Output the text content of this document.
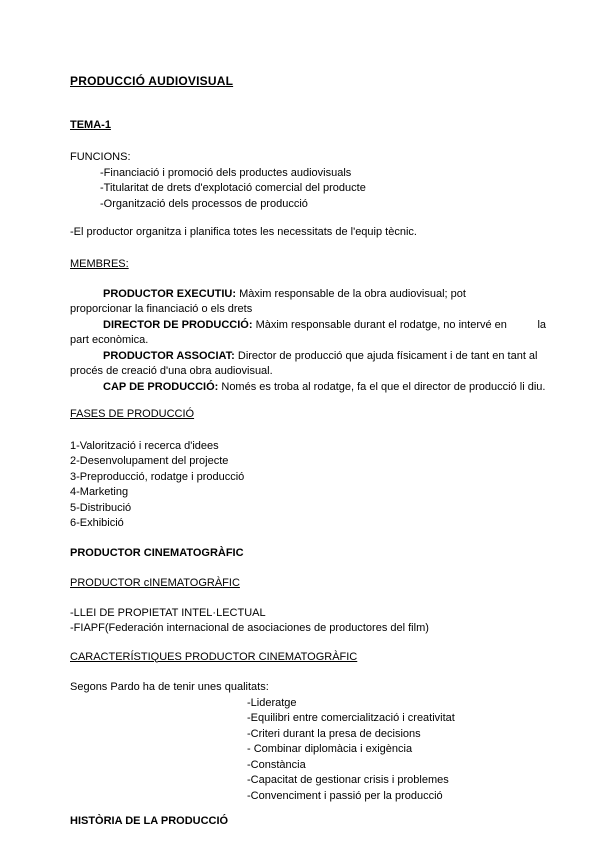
PRODUCCIÓ AUDIOVISUAL
TEMA-1
FUNCIONS:
-Financiació i promoció dels productes audiovisuals
-Titularitat de drets d'explotació comercial del producte
-Organització dels processos de producció
-El productor organitza i planifica totes les necessitats de l'equip tècnic.
MEMBRES:
PRODUCTOR EXECUTIU: Màxim responsable de la obra audiovisual; pot
proporcionar la financiació o els drets
DIRECTOR DE PRODUCCIÓ: Màxim responsable durant el rodatge, no intervé en          la
part econòmica.
PRODUCTOR ASSOCIAT: Director de producció que ajuda físicament i de tant en tant al
procés de creació d'una obra audiovisual.
CAP DE PRODUCCIÓ: Només es troba al rodatge, fa el que el director de producció li diu.
FASES DE PRODUCCIÓ
1-Valorització i recerca d'idees
2-Desenvolupament del projecte
3-Preproducció, rodatge i producció
4-Marketing
5-Distribució
6-Exhibició
PRODUCTOR CINEMATOGRÀFIC
PRODUCTOR cINEMATOGRÀFIC
-LLEI DE PROPIETAT INTEL·LECTUAL
-FIAPF(Federación internacional de asociaciones de productores del film)
CARACTERÍSTIQUES PRODUCTOR CINEMATOGRÀFIC
Segons Pardo ha de tenir unes qualitats:
-Lideratge
-Equilibri entre comercialització i creativitat
-Criteri durant la presa de decisions
- Combinar diplomàcia i exigència
-Constància
-Capacitat de gestionar crisis i problemes
-Convenciment i passió per la producció
HISTÒRIA DE LA PRODUCCIÓ
